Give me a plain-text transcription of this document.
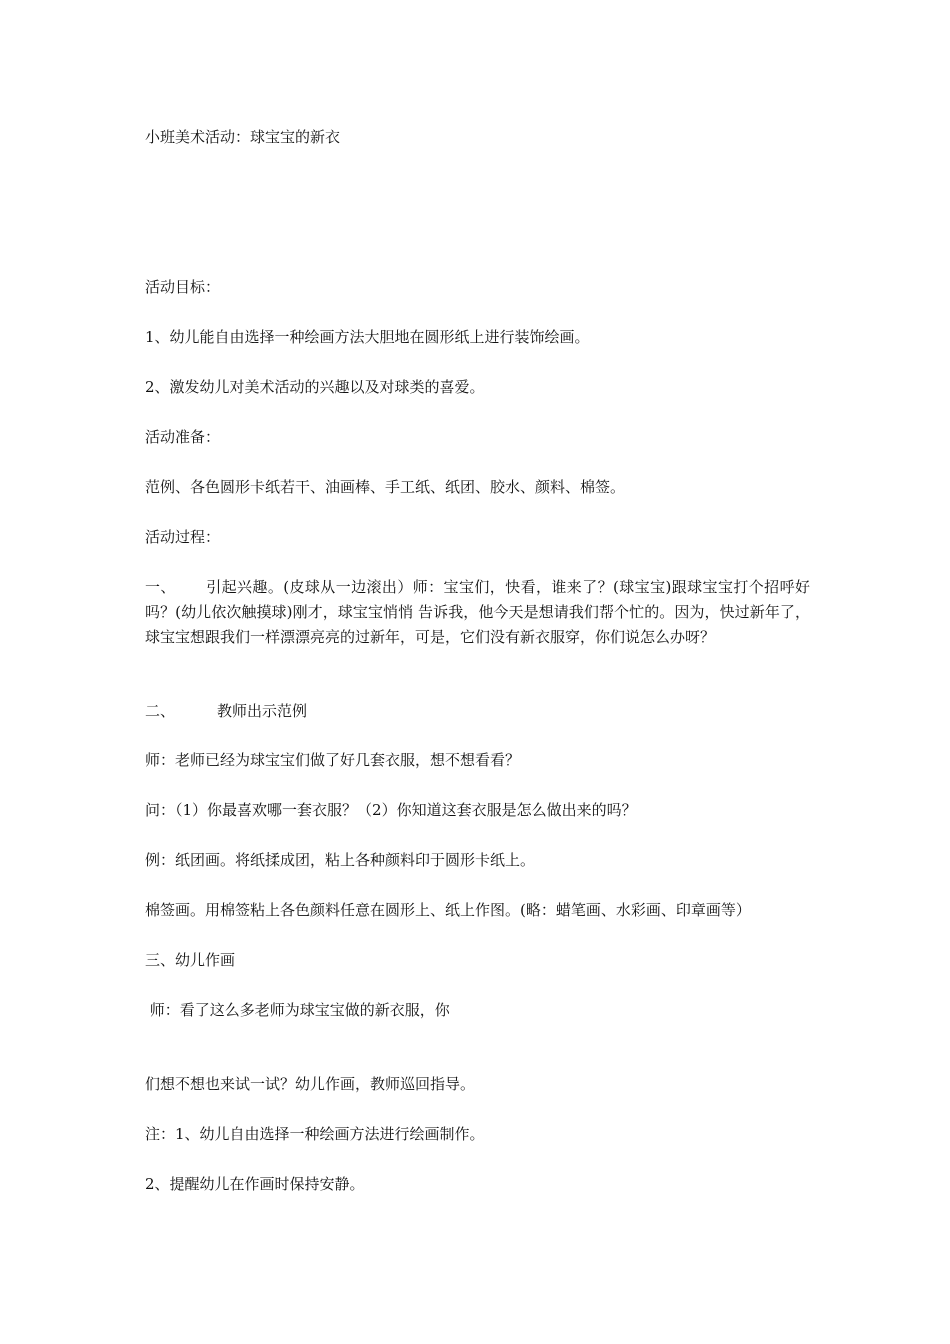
小班美术活动：球宝宝的新衣
活动目标：
1、幼儿能自由选择一种绘画方法大胆地在圆形纸上进行装饰绘画。
2、激发幼儿对美术活动的兴趣以及对球类的喜爱。
活动准备：
范例、各色圆形卡纸若干、油画棒、手工纸、纸团、胶水、颜料、棉签。
活动过程：
一、 引起兴趣。(皮球从一边滚出）师：宝宝们，快看，谁来了？(球宝宝)跟球宝宝打个招呼好吗？(幼儿依次触摸球)刚才，球宝宝悄悄 告诉我，他今天是想请我们帮个忙的。因为，快过新年了，球宝宝想跟我们一样漂漂亮亮的过新年，可是，它们没有新衣服穿，你们说怎么办呀？
二、	教师出示范例
师：老师已经为球宝宝们做了好几套衣服，想不想看看？
问：（1）你最喜欢哪一套衣服？（2）你知道这套衣服是怎么做出来的吗？
例：纸团画。将纸揉成团，粘上各种颜料印于圆形卡纸上。
棉签画。用棉签粘上各色颜料任意在圆形上、纸上作图。(略：蜡笔画、水彩画、印章画等）
三、幼儿作画
师：看了这么多老师为球宝宝做的新衣服，你
们想不想也来试一试？幼儿作画，教师巡回指导。
注：1、幼儿自由选择一种绘画方法进行绘画制作。
2、提醒幼儿在作画时保持安静。
